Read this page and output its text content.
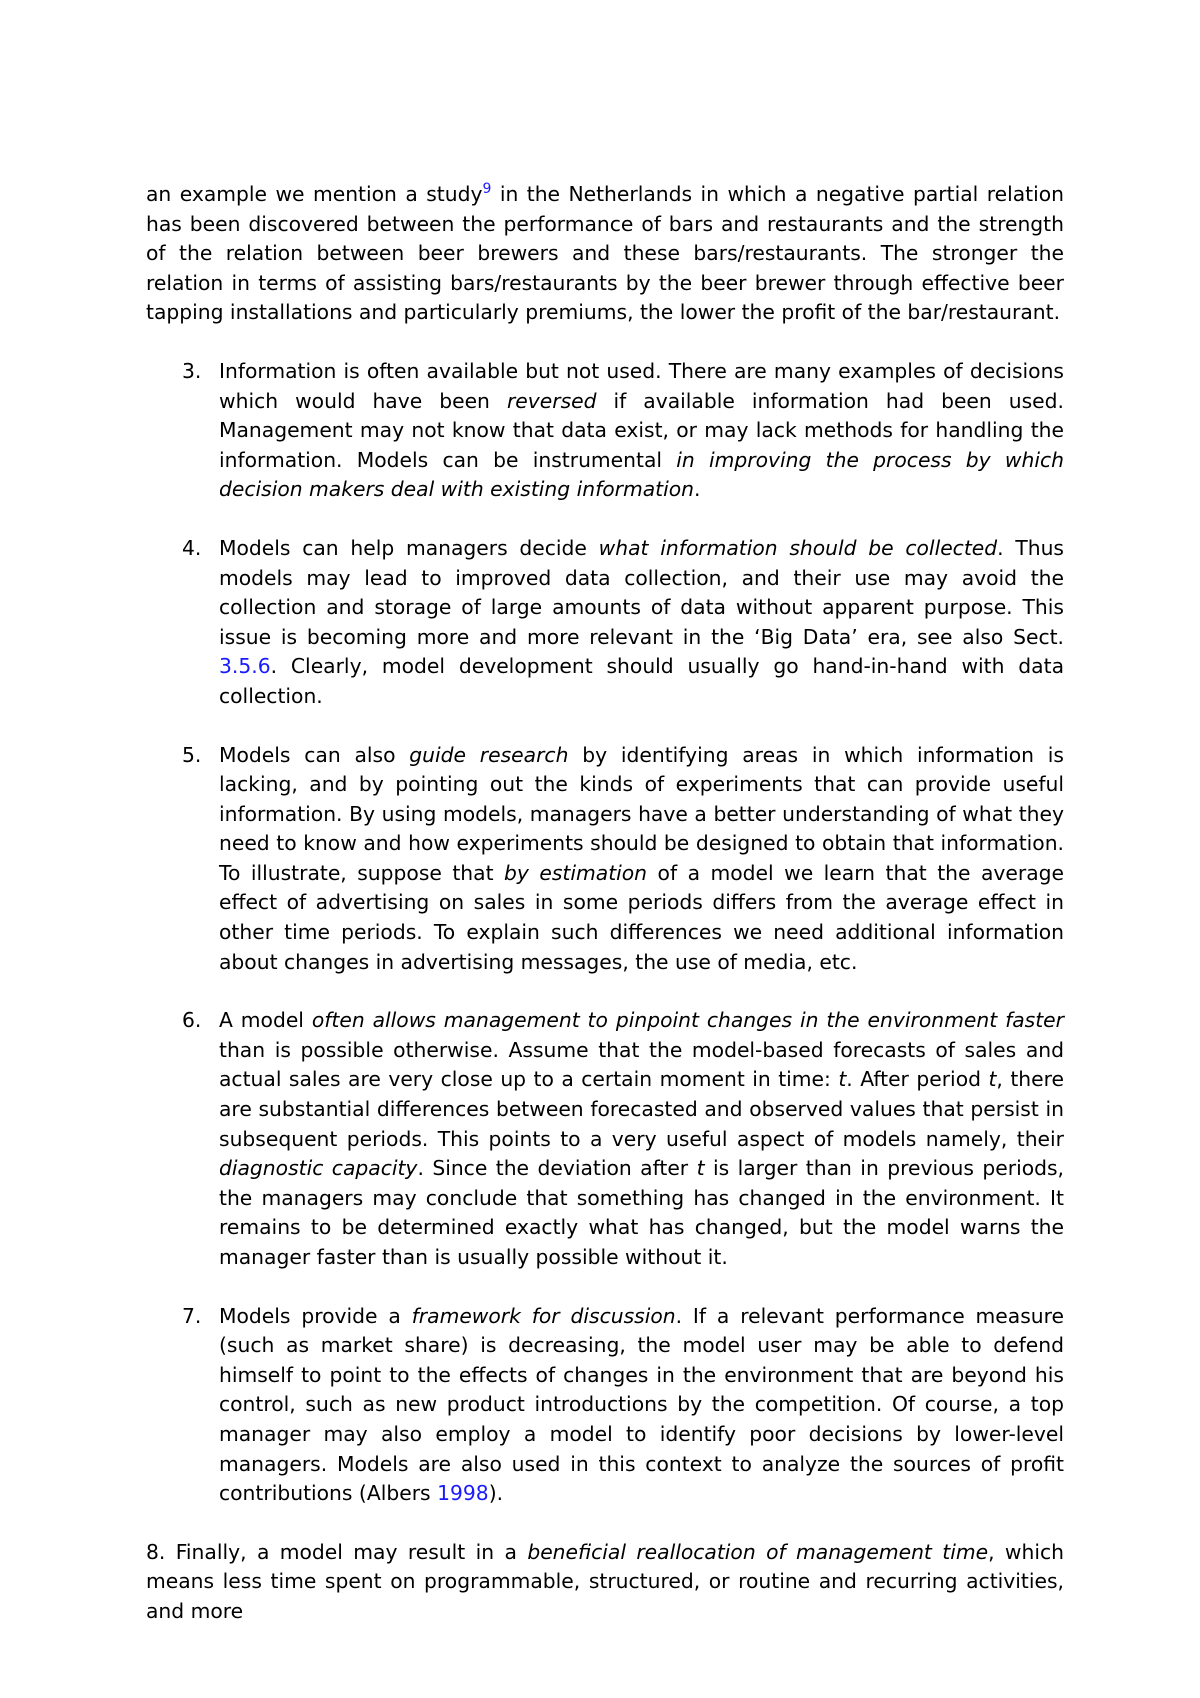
an example we mention a study$^9$ in the Netherlands in which a negative partial relation has been discovered between the performance of bars and restaurants and the strength of the relation between beer brewers and these bars/restaurants. The stronger the relation in terms of assisting bars/restaurants by the beer brewer through effective beer tapping installations and particularly premiums, the lower the profit of the bar/restaurant.

3. Information is often available but not used. There are many examples of decisions which would have been reversed if available information had been used. Management may not know that data exist, or may lack methods for handling the information. Models can be instrumental in improving the process by which decision makers deal with existing information.

4. Models can help managers decide what information should be collected. Thus models may lead to improved data collection, and their use may avoid the collection and storage of large amounts of data without apparent purpose. This issue is becoming more and more relevant in the ‘Big Data’ era, see also Sect. 3.5.6. Clearly, model development should usually go hand-in-hand with data collection.

5. Models can also guide research by identifying areas in which information is lacking, and by pointing out the kinds of experiments that can provide useful information. By using models, managers have a better understanding of what they need to know and how experiments should be designed to obtain that information. To illustrate, suppose that by estimation of a model we learn that the average effect of advertising on sales in some periods differs from the average effect in other time periods. To explain such differences we need additional information about changes in advertising messages, the use of media, etc.

6. A model often allows management to pinpoint changes in the environment faster than is possible otherwise. Assume that the model-based forecasts of sales and actual sales are very close up to a certain moment in time: t. After period t, there are substantial differences between forecasted and observed values that persist in subsequent periods. This points to a very useful aspect of models namely, their diagnostic capacity. Since the deviation after t is larger than in previous periods, the managers may conclude that something has changed in the environment. It remains to be determined exactly what has changed, but the model warns the manager faster than is usually possible without it.

7. Models provide a framework for discussion. If a relevant performance measure (such as market share) is decreasing, the model user may be able to defend himself to point to the effects of changes in the environment that are beyond his control, such as new product introductions by the competition. Of course, a top manager may also employ a model to identify poor decisions by lower-level managers. Models are also used in this context to analyze the sources of profit contributions (Albers 1998).

8. Finally, a model may result in a beneficial reallocation of management time, which means less time spent on programmable, structured, or routine and recurring activities, and more
